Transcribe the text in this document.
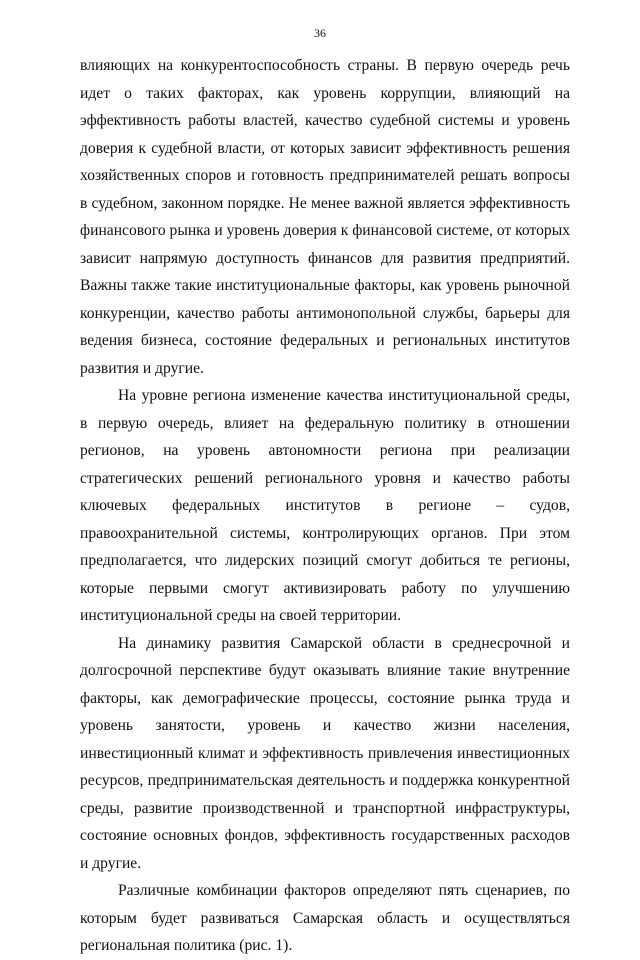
36

влияющих на конкурентоспособность страны. В первую очередь речь идет о таких факторах, как уровень коррупции, влияющий на эффективность работы властей, качество судебной системы и уровень доверия к судебной власти, от которых зависит эффективность решения хозяйственных споров и готовность предпринимателей решать вопросы в судебном, законном порядке. Не менее важной является эффективность финансового рынка и уровень доверия к финансовой системе, от которых зависит напрямую доступность финансов для развития предприятий. Важны также такие институциональные факторы, как уровень рыночной конкуренции, качество работы антимонопольной службы, барьеры для ведения бизнеса, состояние федеральных и региональных институтов развития и другие.

На уровне региона изменение качества институциональной среды, в первую очередь, влияет на федеральную политику в отношении регионов, на уровень автономности региона при реализации стратегических решений регионального уровня и качество работы ключевых федеральных институтов в регионе – судов, правоохранительной системы, контролирующих органов. При этом предполагается, что лидерских позиций смогут добиться те регионы, которые первыми смогут активизировать работу по улучшению институциональной среды на своей территории.

На динамику развития Самарской области в среднесрочной и долгосрочной перспективе будут оказывать влияние такие внутренние факторы, как демографические процессы, состояние рынка труда и уровень занятости, уровень и качество жизни населения, инвестиционный климат и эффективность привлечения инвестиционных ресурсов, предпринимательская деятельность и поддержка конкурентной среды, развитие производственной и транспортной инфраструктуры, состояние основных фондов, эффективность государственных расходов и другие.

Различные комбинации факторов определяют пять сценариев, по которым будет развиваться Самарская область и осуществляться региональная политика (рис. 1).
